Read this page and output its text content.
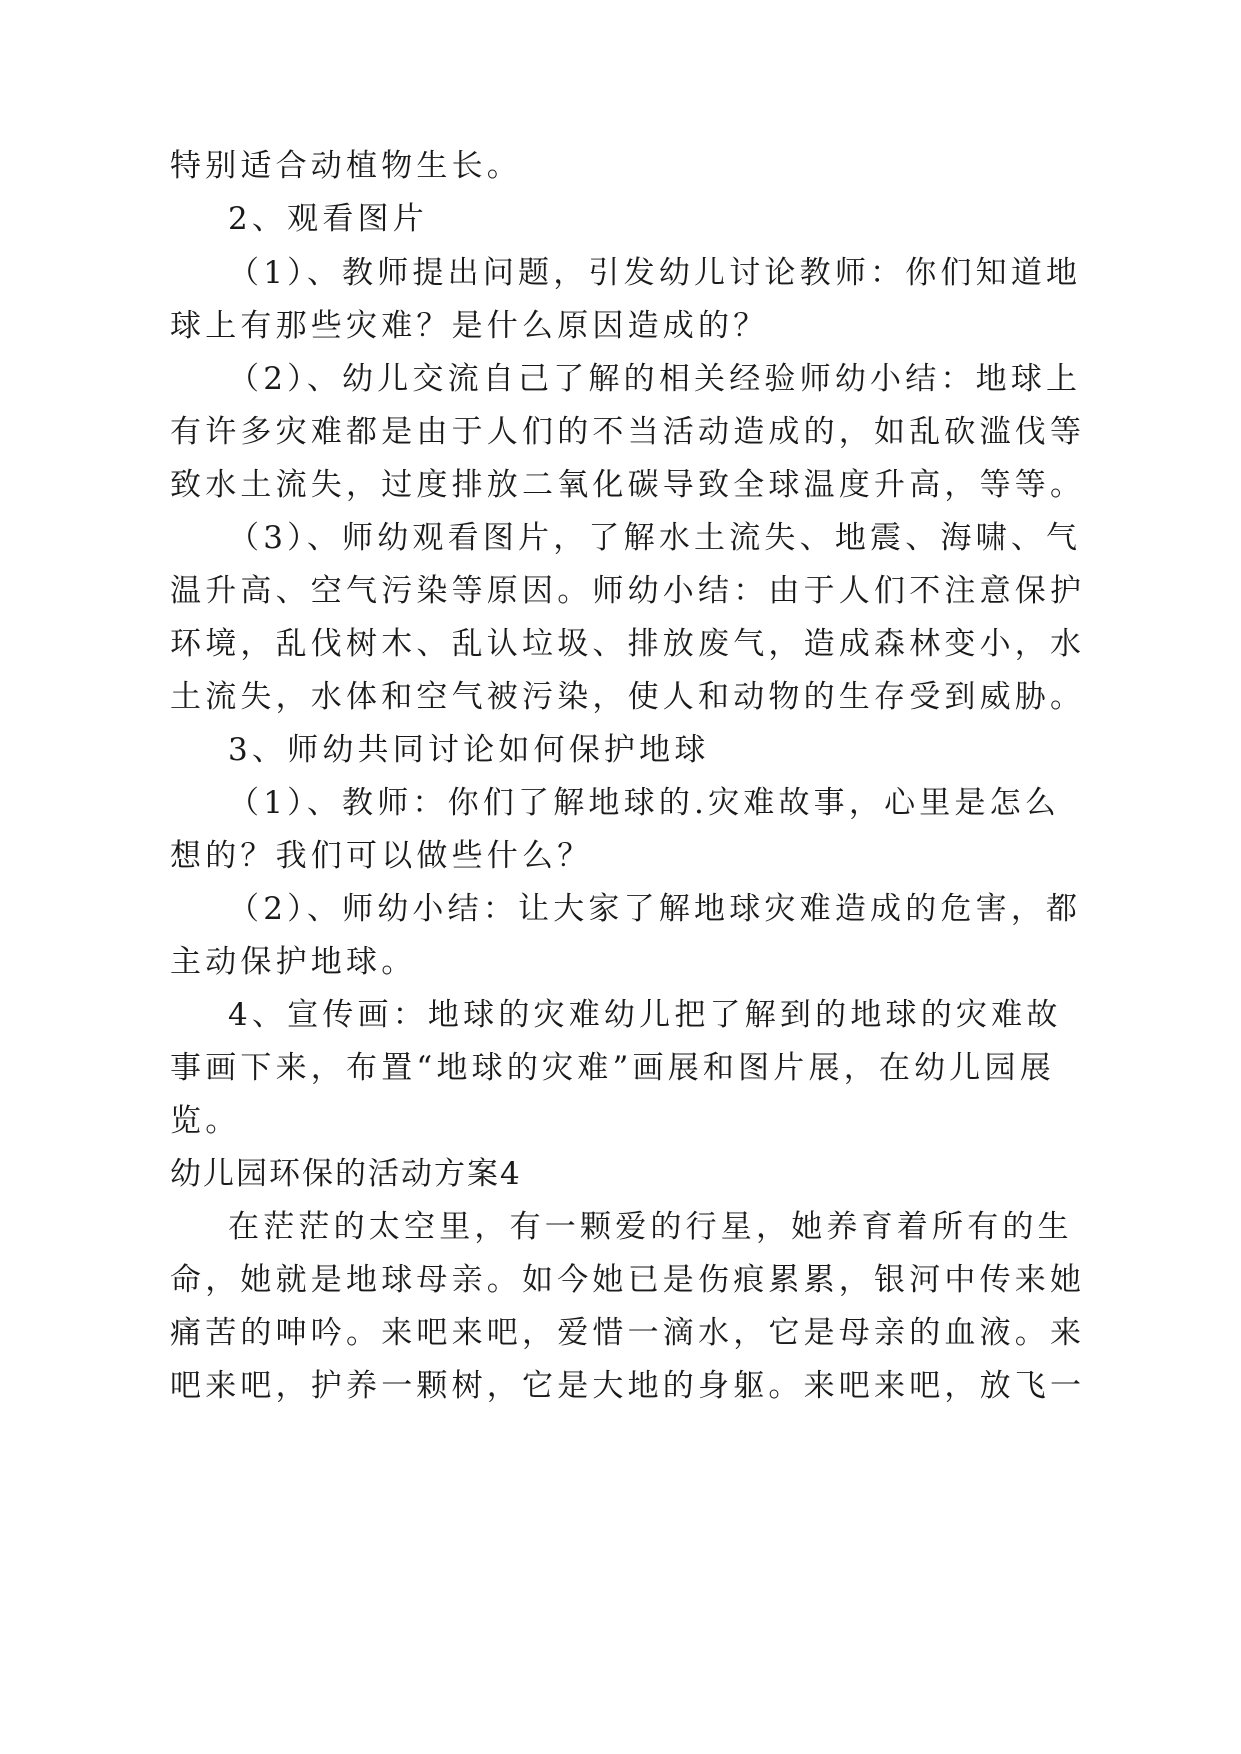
特别适合动植物生长。
2、观看图片
（1）、教师提出问题，引发幼儿讨论教师：你们知道地
球上有那些灾难？是什么原因造成的？
（2）、幼儿交流自己了解的相关经验师幼小结：地球上
有许多灾难都是由于人们的不当活动造成的，如乱砍滥伐等
致水土流失，过度排放二氧化碳导致全球温度升高，等等。
（3）、师幼观看图片，了解水土流失、地震、海啸、气
温升高、空气污染等原因。师幼小结：由于人们不注意保护
环境，乱伐树木、乱认垃圾、排放废气，造成森林变小，水
土流失，水体和空气被污染，使人和动物的生存受到威胁。
3、师幼共同讨论如何保护地球
（1）、教师：你们了解地球的.灾难故事，心里是怎么
想的？我们可以做些什么？
（2）、师幼小结：让大家了解地球灾难造成的危害，都
主动保护地球。
4、宣传画：地球的灾难幼儿把了解到的地球的灾难故
事画下来，布置“地球的灾难”画展和图片展，在幼儿园展
览。
幼儿园环保的活动方案4
在茫茫的太空里，有一颗爱的行星，她养育着所有的生
命，她就是地球母亲。如今她已是伤痕累累，银河中传来她
痛苦的呻吟。来吧来吧，爱惜一滴水，它是母亲的血液。来
吧来吧，护养一颗树，它是大地的身躯。来吧来吧，放飞一
